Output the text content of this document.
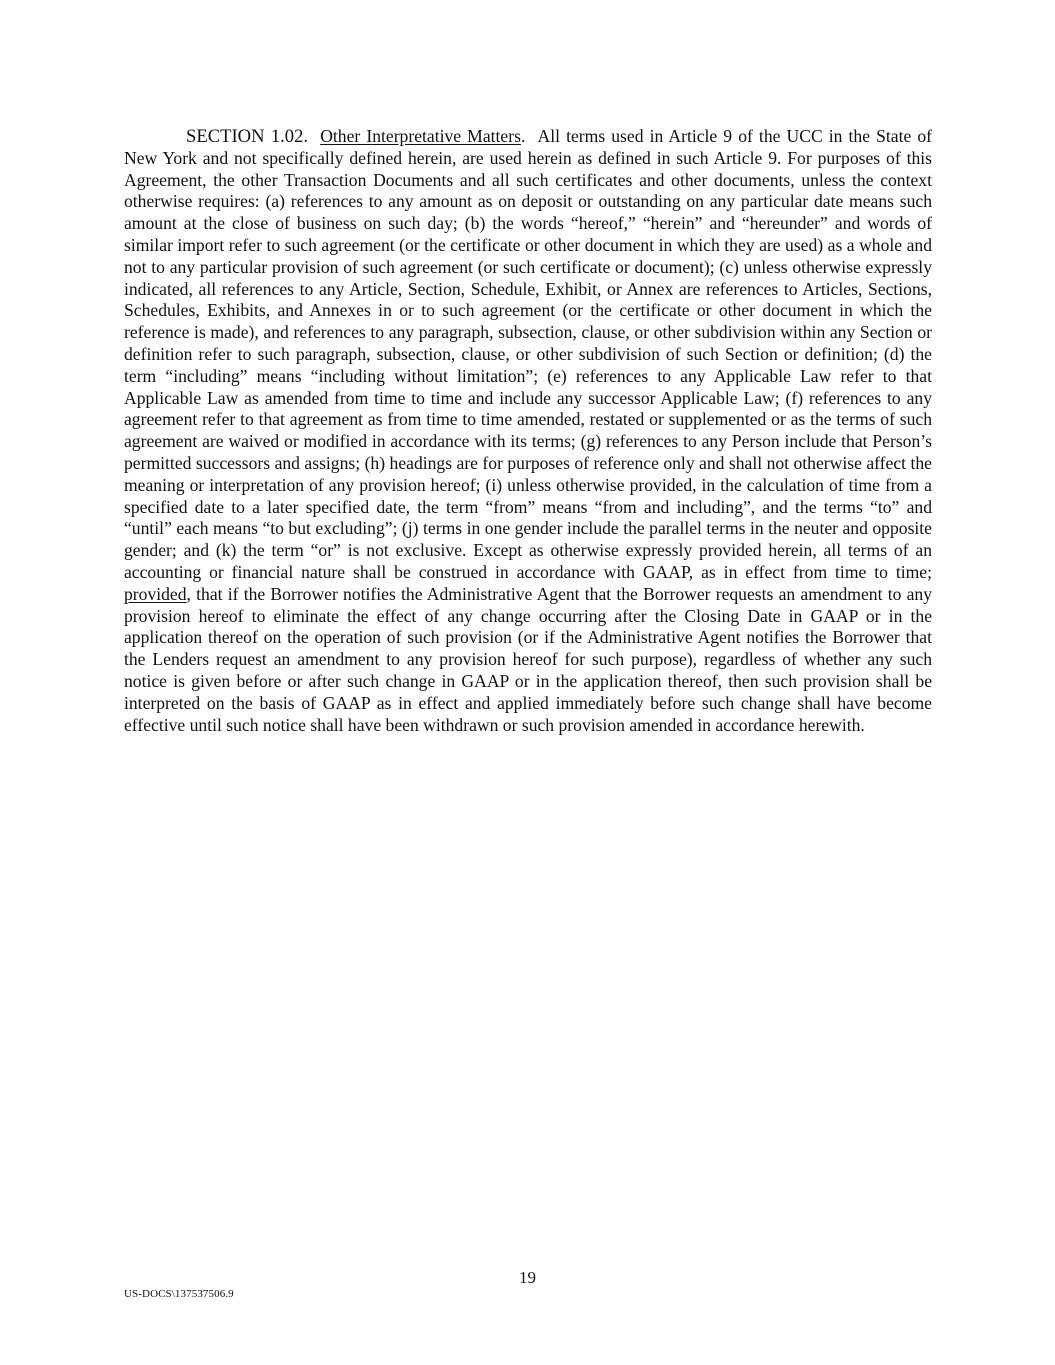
SECTION 1.02. Other Interpretative Matters. All terms used in Article 9 of the UCC in the State of New York and not specifically defined herein, are used herein as defined in such Article 9. For purposes of this Agreement, the other Transaction Documents and all such certificates and other documents, unless the context otherwise requires: (a) references to any amount as on deposit or outstanding on any particular date means such amount at the close of business on such day; (b) the words “hereof,” “herein” and “hereunder” and words of similar import refer to such agreement (or the certificate or other document in which they are used) as a whole and not to any particular provision of such agreement (or such certificate or document); (c) unless otherwise expressly indicated, all references to any Article, Section, Schedule, Exhibit, or Annex are references to Articles, Sections, Schedules, Exhibits, and Annexes in or to such agreement (or the certificate or other document in which the reference is made), and references to any paragraph, subsection, clause, or other subdivision within any Section or definition refer to such paragraph, subsection, clause, or other subdivision of such Section or definition; (d) the term “including” means “including without limitation”; (e) references to any Applicable Law refer to that Applicable Law as amended from time to time and include any successor Applicable Law; (f) references to any agreement refer to that agreement as from time to time amended, restated or supplemented or as the terms of such agreement are waived or modified in accordance with its terms; (g) references to any Person include that Person’s permitted successors and assigns; (h) headings are for purposes of reference only and shall not otherwise affect the meaning or interpretation of any provision hereof; (i) unless otherwise provided, in the calculation of time from a specified date to a later specified date, the term “from” means “from and including”, and the terms “to” and “until” each means “to but excluding”; (j) terms in one gender include the parallel terms in the neuter and opposite gender; and (k) the term “or” is not exclusive. Except as otherwise expressly provided herein, all terms of an accounting or financial nature shall be construed in accordance with GAAP, as in effect from time to time; provided, that if the Borrower notifies the Administrative Agent that the Borrower requests an amendment to any provision hereof to eliminate the effect of any change occurring after the Closing Date in GAAP or in the application thereof on the operation of such provision (or if the Administrative Agent notifies the Borrower that the Lenders request an amendment to any provision hereof for such purpose), regardless of whether any such notice is given before or after such change in GAAP or in the application thereof, then such provision shall be interpreted on the basis of GAAP as in effect and applied immediately before such change shall have become effective until such notice shall have been withdrawn or such provision amended in accordance herewith.

19
US-DOCS\137537506.9
